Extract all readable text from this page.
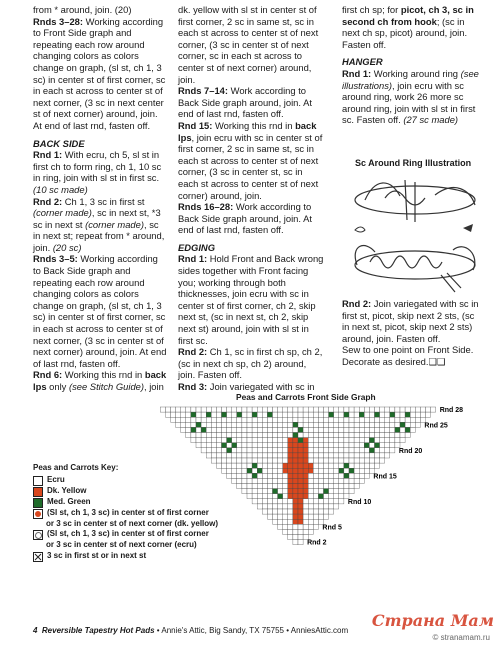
from * around, join. (20)

Rnds 3–28: Working according to Front Side graph and repeating each row around changing colors as colors change on graph, (sl st, ch 1, 3 sc) in center st of first corner, sc in each st across to center st of next corner, (3 sc in next center st of next corner) around, join. At end of last rnd, fasten off.

BACK SIDE

Rnd 1: With ecru, ch 5, sl st in first ch to form ring, ch 1, 10 sc in ring, join with sl st in first sc. (10 sc made)

Rnd 2: Ch 1, 3 sc in first st (corner made), sc in next st, *3 sc in next st (corner made), sc in next st; repeat from * around, join. (20 sc)

Rnds 3–5: Working according to Back Side graph and repeating each row around changing colors as colors change on graph, (sl st, ch 1, 3 sc) in center st of first corner, sc in each st across to center st of next corner, (3 sc in center st of next corner) around, join. At end of last rnd, fasten off.

Rnd 6: Working this rnd in back lps only (see Stitch Guide), join

dk. yellow with sl st in center st of first corner, 2 sc in same st, sc in each st across to center st of next corner, (3 sc in center st of next corner, sc in each st across to center st of next corner) around, join.

Rnds 7–14: Work according to Back Side graph around, join. At end of last rnd, fasten off.

Rnd 15: Working this rnd in back lps, join ecru with sc in center st of first corner, 2 sc in same st, sc in each st across to center st of next corner, (3 sc in center st, sc in each st across to center st of next corner) around, join.

Rnds 16–28: Work according to Back Side graph around, join. At end of last rnd, fasten off.

EDGING

Rnd 1: Hold Front and Back wrong sides together with Front facing you; working through both thicknesses, join ecru with sc in center st of first corner, ch 2, skip next st, (sc in next st, ch 2, skip next st) around, join with sl st in first sc.

Rnd 2: Ch 1, sc in first ch sp, ch 2, (sc in next ch sp, ch 2) around, join. Fasten off.

Rnd 3: Join variegated with sc in

first ch sp; for picot, ch 3, sc in second ch from hook; (sc in next ch sp, picot) around, join. Fasten off.

HANGER

Rnd 1: Working around ring (see illustrations), join ecru with sc around ring, work 26 more sc around ring, join with sl st in first sc. Fasten off. (27 sc made)

Rnd 2: Join variegated with sc in first st, picot, skip next 2 sts, (sc in next st, picot, skip next 2 sts) around, join. Fasten off.

Sew to one point on Front Side. Decorate as desired.❑❑

Sc Around Ring Illustration
Peas and Carrots Front Side Graph
Rnd 28
Rnd 25
Rnd 20
Rnd 15
Rnd 10
Rnd 5
Rnd 2
Peas and Carrots Key:
Ecru
Dk. Yellow
Med. Green
(Sl st, ch 1, 3 sc) in center st of first corner
or 3 sc in center st of next corner (dk. yellow)
(Sl st, ch 1, 3 sc) in center st of first corner
or 3 sc in center st of next corner (ecru)
3 sc in first st or in next st
4 Reversible Tapestry Hot Pads • Annie's Attic, Big Sandy, TX 75755 • AnniesAttic.com
Страна Мам
© stranamam.ru
